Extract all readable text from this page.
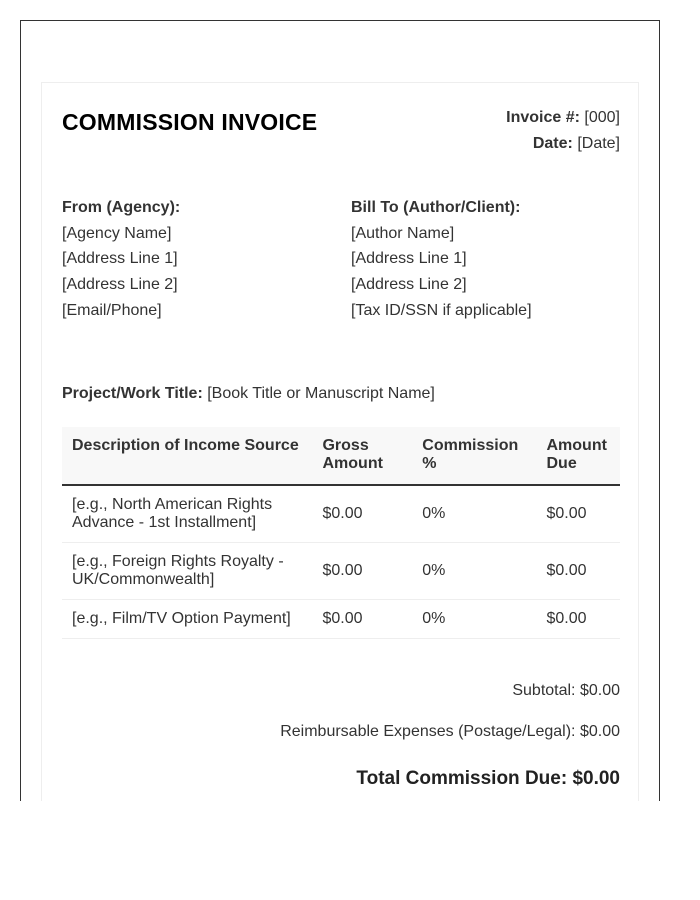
COMMISSION INVOICE	Invoice #: [000]
Date: [Date]
From (Agency):
[Agency Name]
[Address Line 1]
[Address Line 2]
[Email/Phone]
Bill To (Author/Client):
[Author Name]
[Address Line 1]
[Address Line 2]
[Tax ID/SSN if applicable]
Project/Work Title: [Book Title or Manuscript Name]
Description of Income Source	Gross Amount	Commission %	Amount Due
[e.g., North American Rights Advance - 1st Installment]	$0.00	0%	$0.00
[e.g., Foreign Rights Royalty - UK/Commonwealth]	$0.00	0%	$0.00
[e.g., Film/TV Option Payment]	$0.00	0%	$0.00
Subtotal: $0.00
Reimbursable Expenses (Postage/Legal): $0.00
Total Commission Due: $0.00
